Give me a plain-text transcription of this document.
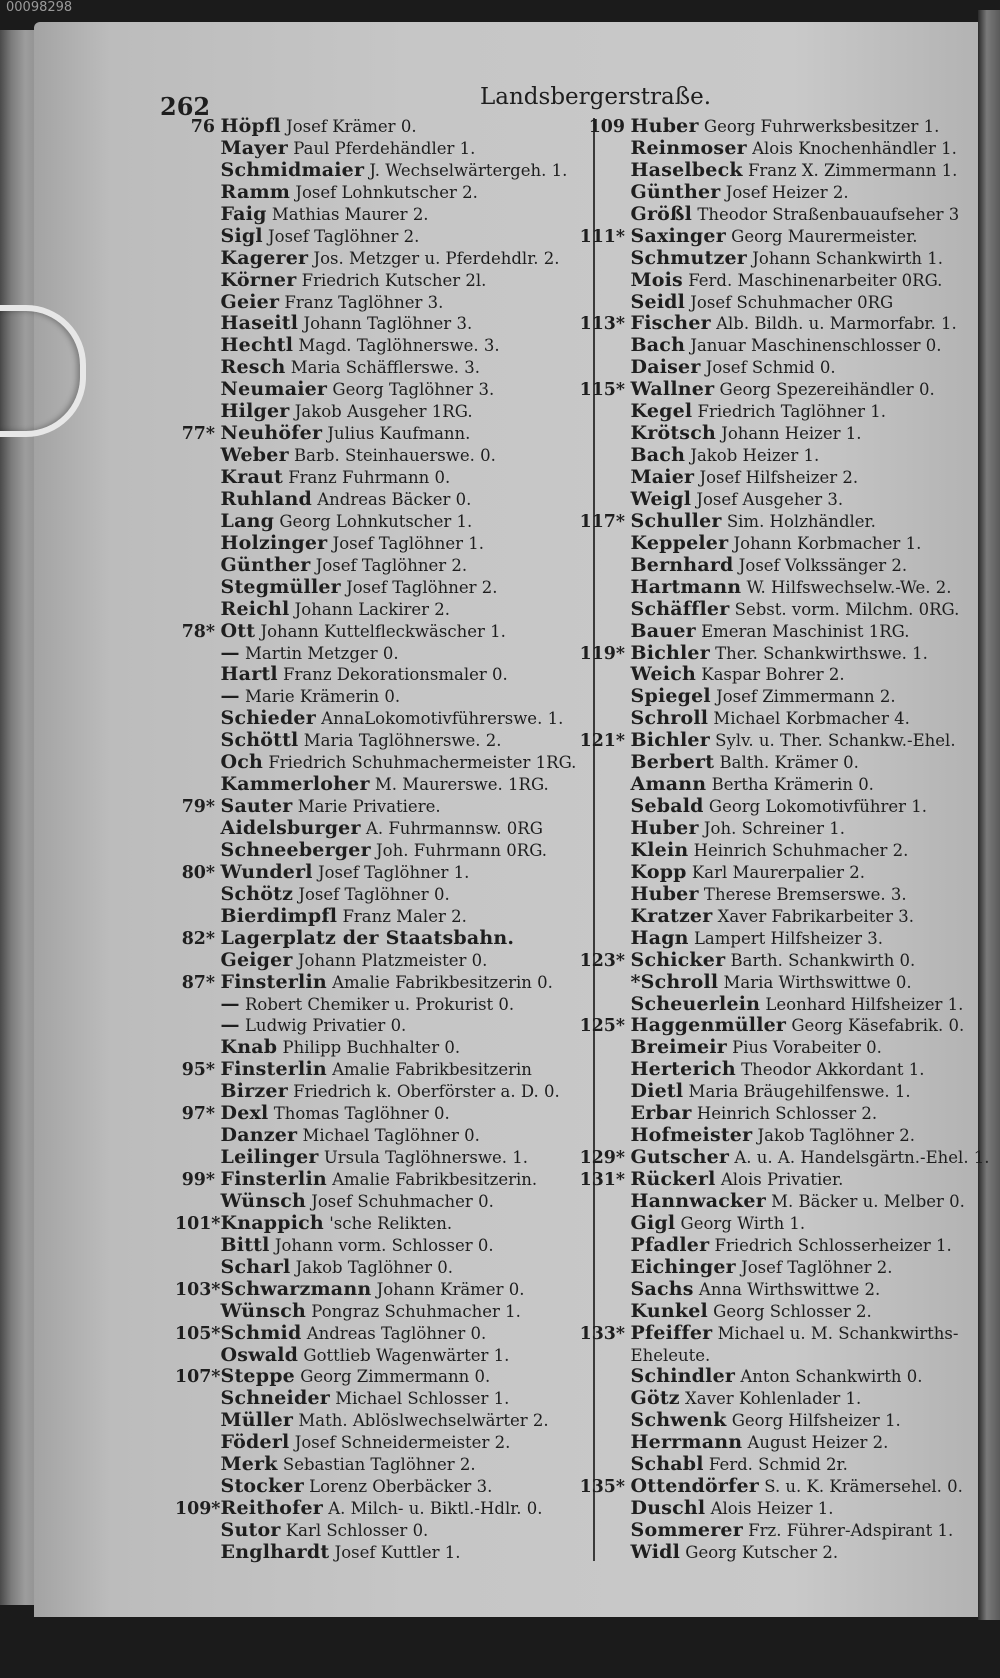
00098298
262	Landsbergerstraße.
76 Höpfl Josef Krämer 0.
Mayer Paul Pferdehändler 1.
Schmidmaier J. Wechselwärtergeh. 1.
Ramm Josef Lohnkutscher 2.
Faig Mathias Maurer 2.
Sigl Josef Taglöhner 2.
Kagerer Jos. Metzger u. Pferdehdlr. 2.
Körner Friedrich Kutscher 2l.
Geier Franz Taglöhner 3.
Haseitl Johann Taglöhner 3.
Hechtl Magd. Taglöhnerswe. 3.
Resch Maria Schäfflerswe. 3.
Neumaier Georg Taglöhner 3.
Hilger Jakob Ausgeher 1RG.
77* Neuhöfer Julius Kaufmann.
Weber Barb. Steinhauerswe. 0.
Kraut Franz Fuhrmann 0.
Ruhland Andreas Bäcker 0.
Lang Georg Lohnkutscher 1.
Holzinger Josef Taglöhner 1.
Günther Josef Taglöhner 2.
Stegmüller Josef Taglöhner 2.
Reichl Johann Lackirer 2.
78* Ott Johann Kuttelfleckwäscher 1.
— Martin Metzger 0.
Hartl Franz Dekorationsmaler 0.
— Marie Krämerin 0.
Schieder AnnaLokomotivführerswe. 1.
Schöttl Maria Taglöhnerswe. 2.
Och Friedrich Schuhmachermeister 1RG.
Kammerloher M. Maurerswe. 1RG.
79* Sauter Marie Privatiere.
Aidelsburger A. Fuhrmannsw. 0RG
Schneeberger Joh. Fuhrmann 0RG.
80* Wunderl Josef Taglöhner 1.
Schötz Josef Taglöhner 0.
Bierdimpfl Franz Maler 2.
82* Lagerplatz der Staatsbahn.
Geiger Johann Platzmeister 0.
87* Finsterlin Amalie Fabrikbesitzerin 0.
— Robert Chemiker u. Prokurist 0.
— Ludwig Privatier 0.
Knab Philipp Buchhalter 0.
95* Finsterlin Amalie Fabrikbesitzerin
Birzer Friedrich k. Oberförster a. D. 0.
97* Dexl Thomas Taglöhner 0.
Danzer Michael Taglöhner 0.
Leilinger Ursula Taglöhnerswe. 1.
99* Finsterlin Amalie Fabrikbesitzerin.
Wünsch Josef Schuhmacher 0.
101* Knappich 'sche Relikten.
Bittl Johann vorm. Schlosser 0.
Scharl Jakob Taglöhner 0.
103* Schwarzmann Johann Krämer 0.
Wünsch Pongraz Schuhmacher 1.
105* Schmid Andreas Taglöhner 0.
Oswald Gottlieb Wagenwärter 1.
107* Steppe Georg Zimmermann 0.
Schneider Michael Schlosser 1.
Müller Math. Ablöslwechselwärter 2.
Föderl Josef Schneidermeister 2.
Merk Sebastian Taglöhner 2.
Stocker Lorenz Oberbäcker 3.
109* Reithofer A. Milch- u. Biktl.-Hdlr. 0.
Sutor Karl Schlosser 0.
Englhardt Josef Kuttler 1.
109 Huber Georg Fuhrwerksbesitzer 1.
Reinmoser Alois Knochenhändler 1.
Haselbeck Franz X. Zimmermann 1.
Günther Josef Heizer 2.
Größl Theodor Straßenbauaufseher 3
111* Saxinger Georg Maurermeister.
Schmutzer Johann Schankwirth 1.
Mois Ferd. Maschinenarbeiter 0RG.
Seidl Josef Schuhmacher 0RG
113* Fischer Alb. Bildh. u. Marmorfabr. 1.
Bach Januar Maschinenschlosser 0.
Daiser Josef Schmid 0.
115* Wallner Georg Spezereihändler 0.
Kegel Friedrich Taglöhner 1.
Krötsch Johann Heizer 1.
Bach Jakob Heizer 1.
Maier Josef Hilfsheizer 2.
Weigl Josef Ausgeher 3.
117* Schuller Sim. Holzhändler.
Keppeler Johann Korbmacher 1.
Bernhard Josef Volkssänger 2.
Hartmann W. Hilfswechselw.-We. 2.
Schäffler Sebst. vorm. Milchm. 0RG.
Bauer Emeran Maschinist 1RG.
119* Bichler Ther. Schankwirthswe. 1.
Weich Kaspar Bohrer 2.
Spiegel Josef Zimmermann 2.
Schroll Michael Korbmacher 4.
121* Bichler Sylv. u. Ther. Schankw.-Ehel.
Berbert Balth. Krämer 0.
Amann Bertha Krämerin 0.
Sebald Georg Lokomotivführer 1.
Huber Joh. Schreiner 1.
Klein Heinrich Schuhmacher 2.
Kopp Karl Maurerpalier 2.
Huber Therese Bremserswe. 3.
Kratzer Xaver Fabrikarbeiter 3.
Hagn Lampert Hilfsheizer 3.
123* Schicker Barth. Schankwirth 0.
*Schroll Maria Wirthswittwe 0.
Scheuerlein Leonhard Hilfsheizer 1.
125* Haggenmüller Georg Käsefabrik. 0.
Breimeir Pius Vorabeiter 0.
Herterich Theodor Akkordant 1.
Dietl Maria Bräugehilfenswe. 1.
Erbar Heinrich Schlosser 2.
Hofmeister Jakob Taglöhner 2.
129* Gutscher A. u. A. Handelsgärtn.-Ehel. 1.
131* Rückerl Alois Privatier.
Hannwacker M. Bäcker u. Melber 0.
Gigl Georg Wirth 1.
Pfadler Friedrich Schlosserheizer 1.
Eichinger Josef Taglöhner 2.
Sachs Anna Wirthswittwe 2.
Kunkel Georg Schlosser 2.
133* Pfeiffer Michael u. M. Schankwirths-
Eheleute.
Schindler Anton Schankwirth 0.
Götz Xaver Kohlenlader 1.
Schwenk Georg Hilfsheizer 1.
Herrmann August Heizer 2.
Schabl Ferd. Schmid 2r.
135* Ottendörfer S. u. K. Krämersehel. 0.
Duschl Alois Heizer 1.
Sommerer Frz. Führer-Adspirant 1.
Widl Georg Kutscher 2.
